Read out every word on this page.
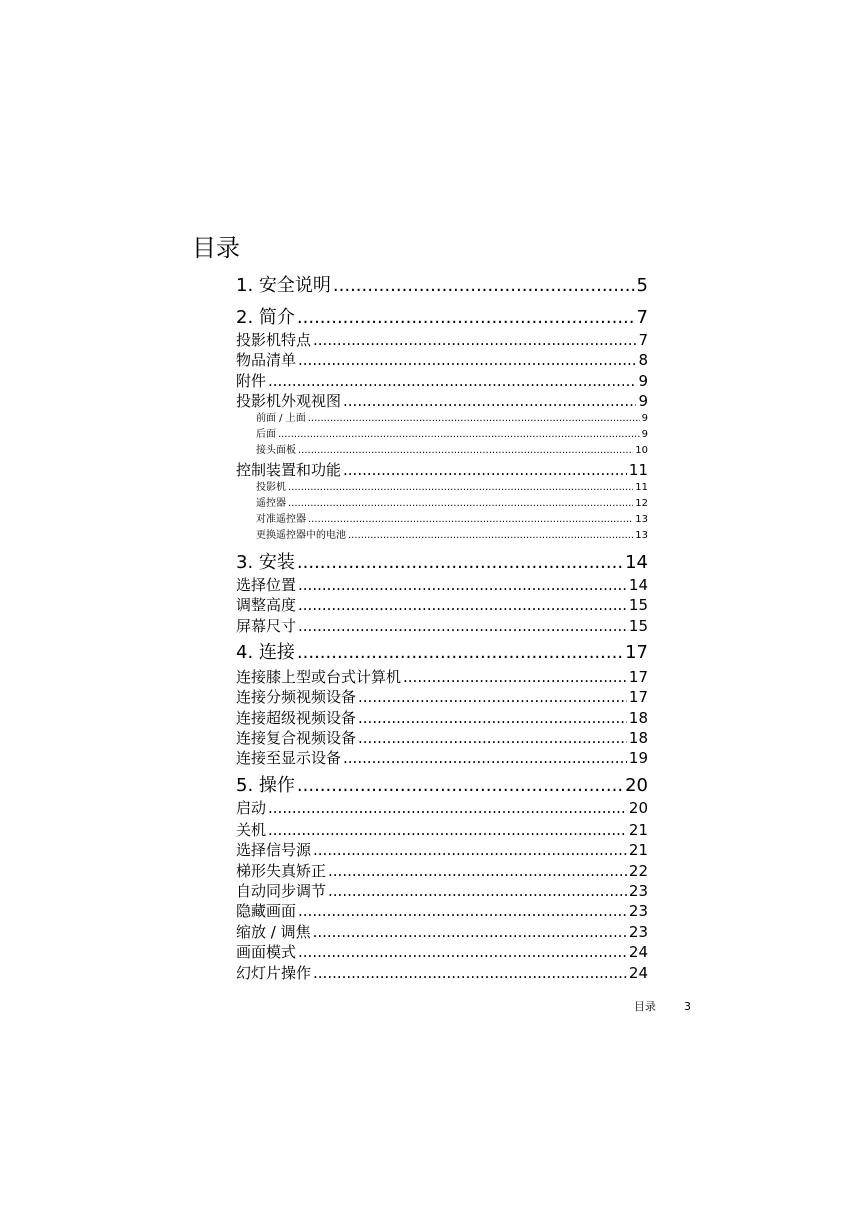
目录
1. 安全说明 .....	5
2. 简介 .....	7
投影机特点 .....	7
物品清单 .....	8
附件 .....	9
投影机外观视图 .....	9
前面 / 上面 .....	9
后面 .....	9
接头面板 .....	10
控制装置和功能 .....	11
投影机 .....	11
遥控器 .....	12
对准遥控器 .....	13
更换遥控器中的电池 .....	13
3. 安装 .....	14
选择位置 .....	14
调整高度 .....	15
屏幕尺寸 .....	15
4. 连接 .....	17
连接膝上型或台式计算机 .....	17
连接分频视频设备 .....	17
连接超级视频设备 .....	18
连接复合视频设备 .....	18
连接至显示设备 .....	19
5. 操作 .....	20
启动 .....	20
关机 .....	21
选择信号源 .....	21
梯形失真矫正 .....	22
自动同步调节 .....	23
隐藏画面 .....	23
缩放 / 调焦 .....	23
画面模式 .....	24
幻灯片操作 .....	24
目录	3
